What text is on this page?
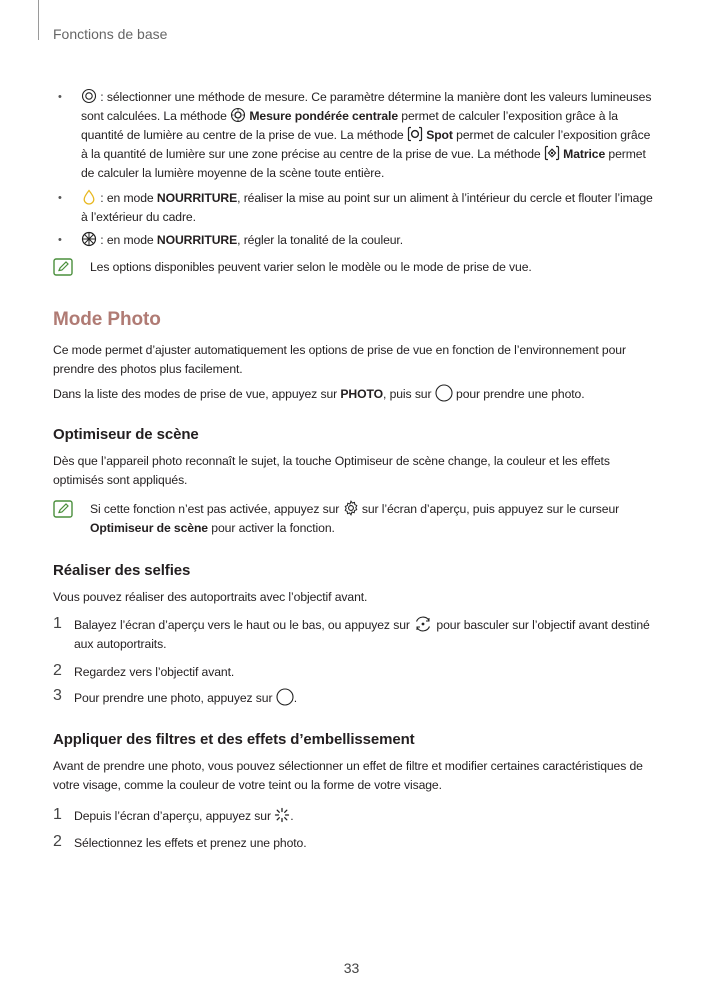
Fonctions de base
•	: sélectionner une méthode de mesure. Ce paramètre détermine la manière dont les valeurs lumineuses sont calculées. La méthode
Mesure pondérée centrale permet de calculer l’exposition grâce à la quantité de lumière au centre de la prise de vue. La méthode
Spot permet de calculer l’exposition grâce à la quantité de lumière sur une zone précise au centre de la prise de vue. La méthode
Matrice permet de calculer la lumière moyenne de la scène toute entière.
•	: en mode NOURRITURE, réaliser la mise au point sur un aliment à l’intérieur du cercle et flouter l’image à l’extérieur du cadre.
•	: en mode NOURRITURE, régler la tonalité de la couleur.
Les options disponibles peuvent varier selon le modèle ou le mode de prise de vue.
Mode Photo
Ce mode permet d’ajuster automatiquement les options de prise de vue en fonction de l’environnement pour prendre des photos plus facilement.
Dans la liste des modes de prise de vue, appuyez sur PHOTO, puis sur
pour prendre une photo.
Optimiseur de scène
Dès que l’appareil photo reconnaît le sujet, la touche Optimiseur de scène change, la couleur et les effets optimisés sont appliqués.
Si cette fonction n’est pas activée, appuyez sur
sur l’écran d’aperçu, puis appuyez sur le curseur Optimiseur de scène pour activer la fonction.
Réaliser des selfies
Vous pouvez réaliser des autoportraits avec l’objectif avant.
1 Balayez l’écran d’aperçu vers le haut ou le bas, ou appuyez sur
pour basculer sur l’objectif avant destiné aux autoportraits.
2 Regardez vers l’objectif avant.
3 Pour prendre une photo, appuyez sur
.
Appliquer des filtres et des effets d’embellissement
Avant de prendre une photo, vous pouvez sélectionner un effet de filtre et modifier certaines caractéristiques de votre visage, comme la couleur de votre teint ou la forme de votre visage.
1 Depuis l’écran d’aperçu, appuyez sur
.
2 Sélectionnez les effets et prenez une photo.
33
